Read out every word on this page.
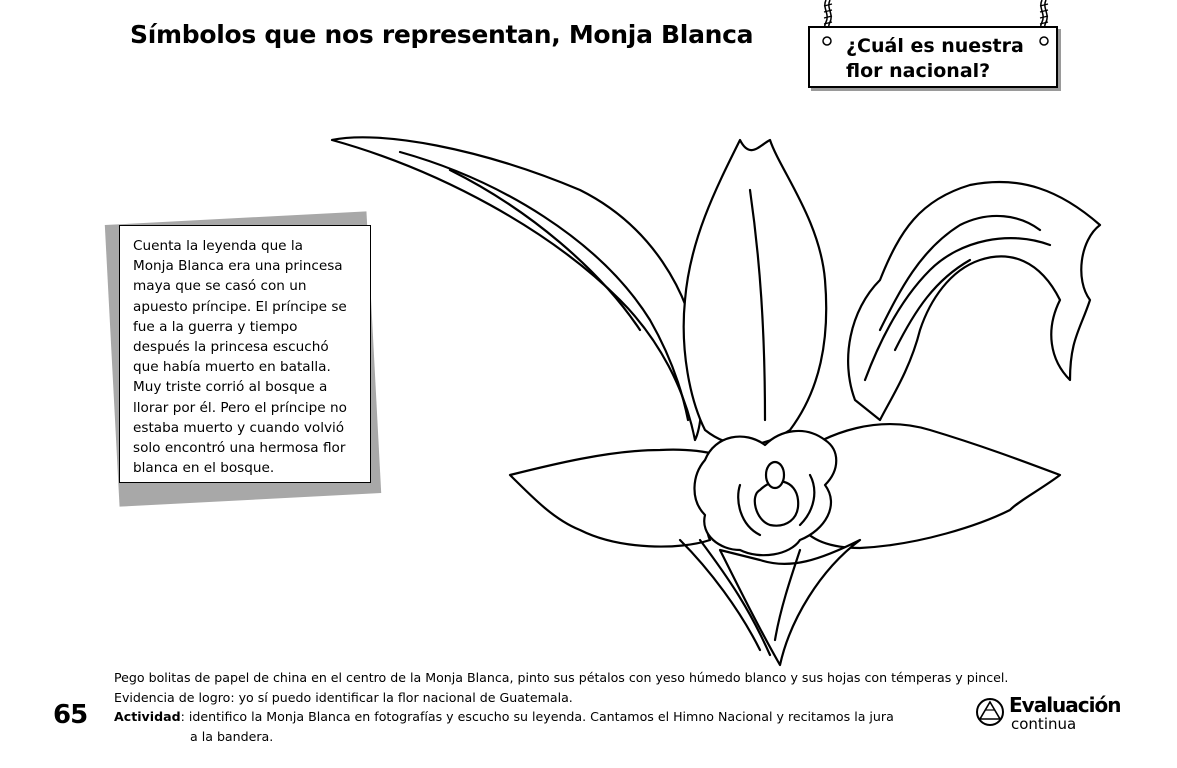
Símbolos que nos representan, Monja Blanca	¿Cuál es nuestra
flor nacional?
Cuenta la leyenda que la
Monja Blanca era una princesa
maya que se casó con un
apuesto príncipe. El príncipe se
fue a la guerra y tiempo
después la princesa escuchó
que había muerto en batalla.
Muy triste corrió al bosque a
llorar por él. Pero el príncipe no
estaba muerto y cuando volvió
solo encontró una hermosa flor
blanca en el bosque.
Pego bolitas de papel de china en el centro de la Monja Blanca, pinto sus pétalos con yeso húmedo blanco y sus hojas con témperas y pincel.
Evidencia de logro: yo sí puedo identificar la flor nacional de Guatemala.
Actividad: identifico la Monja Blanca en fotografías y escucho su leyenda. Cantamos el Himno Nacional y recitamos la jura
a la bandera.
65	Evaluación
continua
